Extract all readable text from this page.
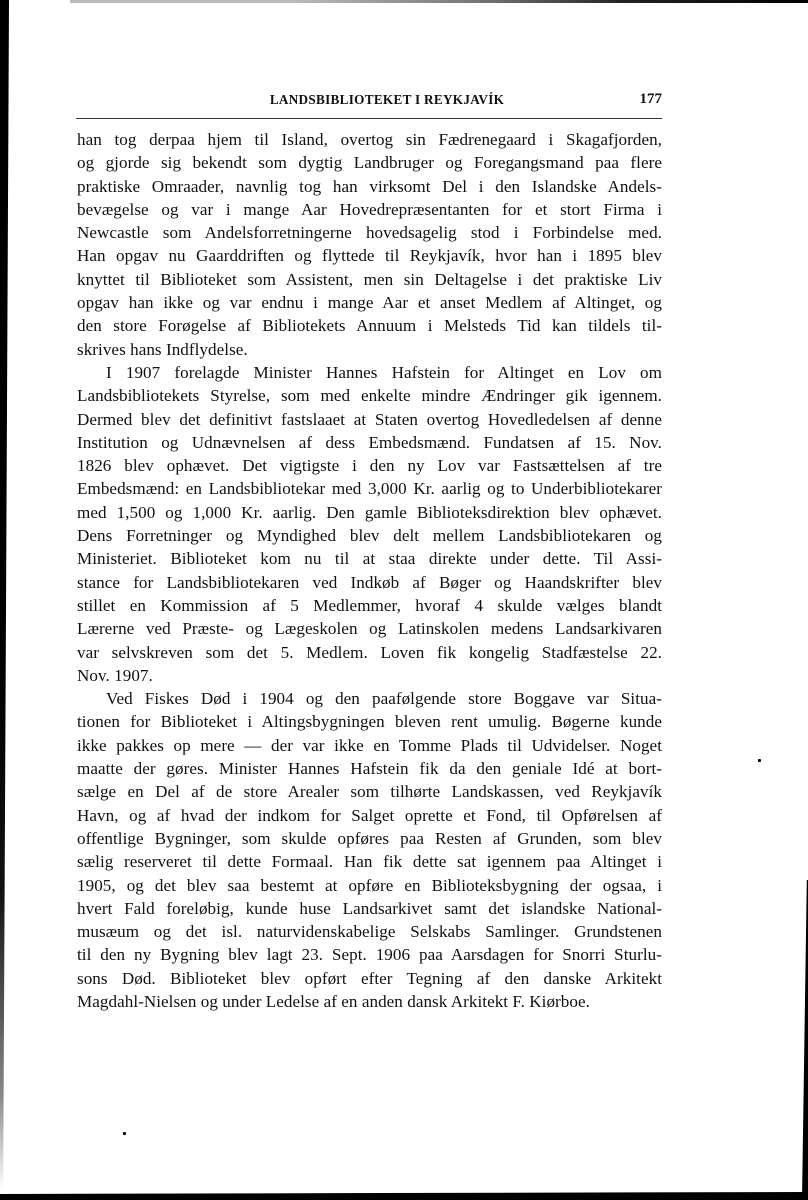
LANDSBIBLIOTEKET I REYKJAVÍK	177
han tog derpaa hjem til Island, overtog sin Fædrenegaard i Skagafjorden,
og gjorde sig bekendt som dygtig Landbruger og Foregangsmand paa flere
praktiske Omraader, navnlig tog han virksomt Del i den Islandske Andels-
bevægelse og var i mange Aar Hovedrepræsentanten for et stort Firma i
Newcastle som Andelsforretningerne hovedsagelig stod i Forbindelse med.
Han opgav nu Gaarddriften og flyttede til Reykjavík, hvor han i 1895 blev
knyttet til Biblioteket som Assistent, men sin Deltagelse i det praktiske Liv
opgav han ikke og var endnu i mange Aar et anset Medlem af Altinget, og
den store Forøgelse af Bibliotekets Annuum i Melsteds Tid kan tildels til-
skrives hans Indflydelse.
I 1907 forelagde Minister Hannes Hafstein for Altinget en Lov om
Landsbibliotekets Styrelse, som med enkelte mindre Ændringer gik igennem.
Dermed blev det definitivt fastslaaet at Staten overtog Hovedledelsen af denne
Institution og Udnævnelsen af dess Embedsmænd. Fundatsen af 15. Nov.
1826 blev ophævet. Det vigtigste i den ny Lov var Fastsættelsen af tre
Embedsmænd: en Landsbibliotekar med 3,000 Kr. aarlig og to Underbibliotekarer
med 1,500 og 1,000 Kr. aarlig. Den gamle Biblioteksdirektion blev ophævet.
Dens Forretninger og Myndighed blev delt mellem Landsbibliotekaren og
Ministeriet. Biblioteket kom nu til at staa direkte under dette. Til Assi-
stance for Landsbibliotekaren ved Indkøb af Bøger og Haandskrifter blev
stillet en Kommission af 5 Medlemmer, hvoraf 4 skulde vælges blandt
Lærerne ved Præste- og Lægeskolen og Latinskolen medens Landsarkivaren
var selvskreven som det 5. Medlem. Loven fik kongelig Stadfæstelse 22.
Nov. 1907.
Ved Fiskes Død i 1904 og den paafølgende store Boggave var Situa-
tionen for Biblioteket i Altingsbygningen bleven rent umulig. Bøgerne kunde
ikke pakkes op mere — der var ikke en Tomme Plads til Udvidelser. Noget
maatte der gøres. Minister Hannes Hafstein fik da den geniale Idé at bort-
sælge en Del af de store Arealer som tilhørte Landskassen, ved Reykjavík
Havn, og af hvad der indkom for Salget oprette et Fond, til Opførelsen af
offentlige Bygninger, som skulde opføres paa Resten af Grunden, som blev
sælig reserveret til dette Formaal. Han fik dette sat igennem paa Altinget i
1905, og det blev saa bestemt at opføre en Biblioteksbygning der ogsaa, i
hvert Fald foreløbig, kunde huse Landsarkivet samt det islandske National-
musæum og det isl. naturvidenskabelige Selskabs Samlinger. Grundstenen
til den ny Bygning blev lagt 23. Sept. 1906 paa Aarsdagen for Snorri Sturlu-
sons Død. Biblioteket blev opført efter Tegning af den danske Arkitekt
Magdahl-Nielsen og under Ledelse af en anden dansk Arkitekt F. Kiørboe.
